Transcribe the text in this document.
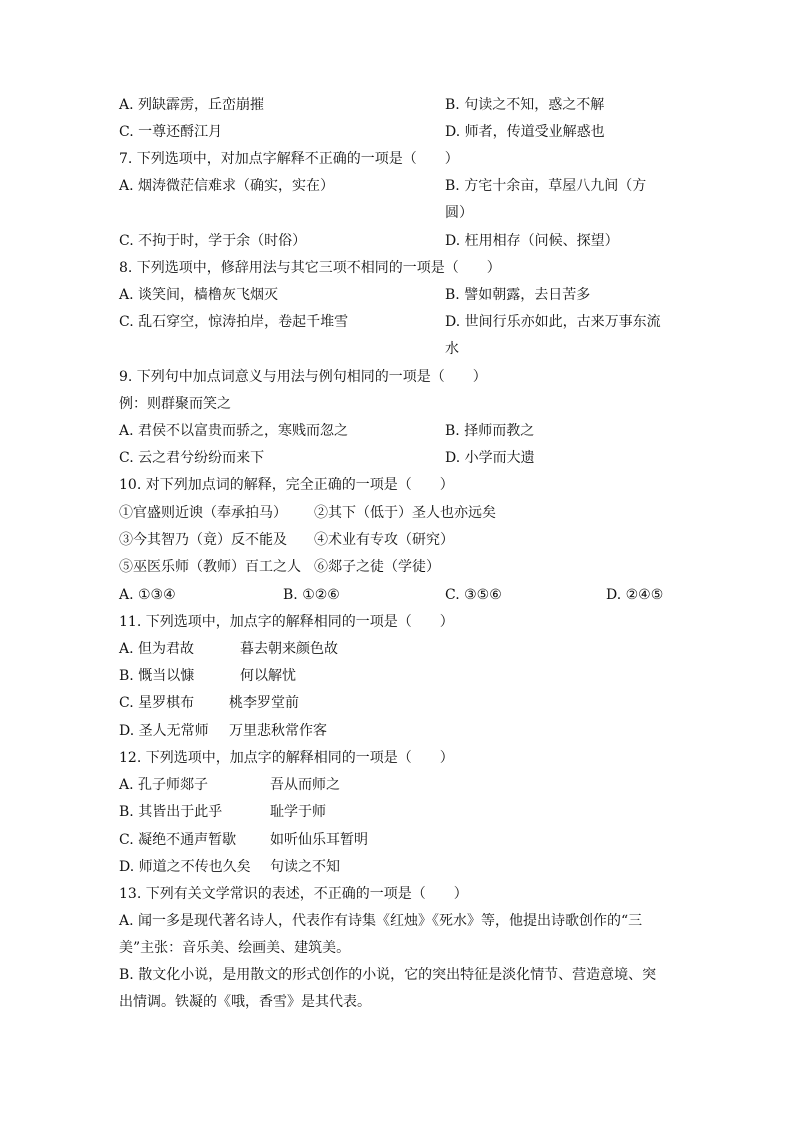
A. 列缺霹雳，丘峦崩摧	B. 句读之不知，惑之不解
C. 一尊还酹江月	D. 师者，传道受业解惑也
7. 下列选项中，对加点字解释不正确的一项是（　　）
A. 烟涛微茫信难求（确实，实在）	B. 方宅十余亩，草屋八九间（方圆）
C. 不拘于时，学于余（时俗）	D. 枉用相存（问候、探望）
8. 下列选项中，修辞用法与其它三项不相同的一项是（　　）
A. 谈笑间，樯橹灰飞烟灭	B. 譬如朝露，去日苦多
C. 乱石穿空，惊涛拍岸，卷起千堆雪	D. 世间行乐亦如此，古来万事东流水
9. 下列句中加点词意义与用法与例句相同的一项是（　　）
例：则群聚而笑之
A. 君侯不以富贵而骄之，寒贱而忽之	B. 择师而教之
C. 云之君兮纷纷而来下	D. 小学而大遗
10. 对下列加点词的解释，完全正确的一项是（　　）
①官盛则近谀（奉承拍马） ②其下（低于）圣人也亦远矣
③今其智乃（竟）反不能及 ④术业有专攻（研究）
⑤巫医乐师（教师）百工之人 ⑥郯子之徒（学徒）
A. ①③④	B. ①②⑥	C. ③⑤⑥	D. ②④⑤
11. 下列选项中，加点字的解释相同的一项是（　　）
A. 但为君故	暮去朝来颜色故
B. 慨当以慷	何以解忧
C. 星罗棋布 桃李罗堂前
D. 圣人无常师 万里悲秋常作客
12. 下列选项中，加点字的解释相同的一项是（　　）
A. 孔子师郯子	吾从而师之
B. 其皆出于此乎	耻学于师
C. 凝绝不通声暂歇 如听仙乐耳暂明
D. 师道之不传也久矣 句读之不知
13. 下列有关文学常识的表述，不正确的一项是（　　）
A. 闻一多是现代著名诗人，代表作有诗集《红烛》《死水》等，他提出诗歌创作的“三美”主张：音乐美、绘画美、建筑美。
B. 散文化小说，是用散文的形式创作的小说，它的突出特征是淡化情节、营造意境、突出情调。铁凝的《哦，香雪》是其代表。
